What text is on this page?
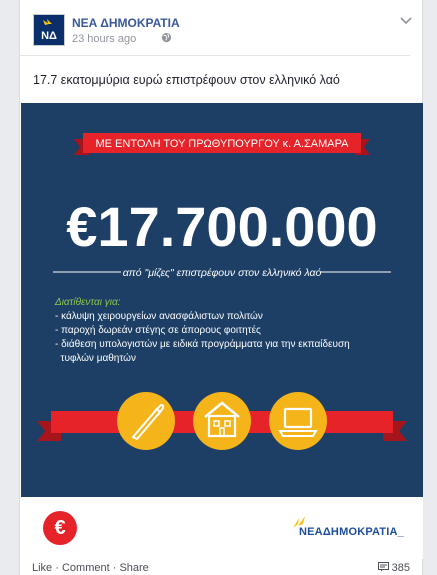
ΝΔ
ΝΕΑ ΔΗΜΟΚΡΑΤΙΑ
23 hours ago
17.7 εκατομμύρια ευρώ επιστρέφουν στον ελληνικό λαό
ΜΕ ΕΝΤΟΛΗ ΤΟΥ ΠΡΩΘΥΠΟΥΡΓΟΥ κ. Α.ΣΑΜΑΡΑ
€17.700.000
από "μίζες" επιστρέφουν στον ελληνικό λαό
Διατίθενται για:
- κάλυψη χειρουργείων ανασφάλιστων πολιτών
- παροχή δωρεάν στέγης σε άπορους φοιτητές
- διάθεση υπολογιστών με ειδικά προγράμματα για την εκπαίδευση
τυφλών μαθητών
€	ΝΕΑΔΗΜΟΚΡΑΤΙΑ_
Like · Comment · Share	385
